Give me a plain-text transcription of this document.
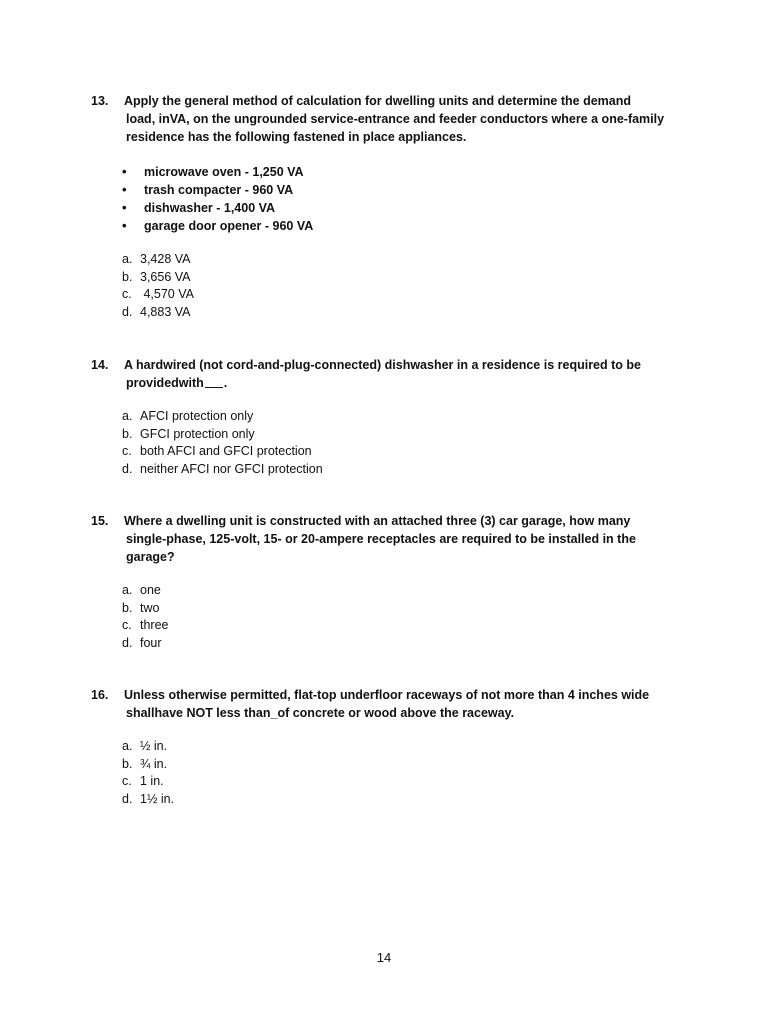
13.	Apply the general method of calculation for dwelling units and determine the demand
load, inVA, on the ungrounded service-entrance and feeder conductors where a one-family
residence has the following fastened in place appliances.
• microwave oven - 1,250 VA
• trash compacter - 960 VA
• dishwasher - 1,400 VA
• garage door opener - 960 VA
a. 3,428 VA
b. 3,656 VA
c. 4,570 VA
d. 4,883 VA
14.	A hardwired (not cord-and-plug-connected) dishwasher in a residence is required to be
providedwith .
a. AFCI protection only
b. GFCI protection only
c. both AFCI and GFCI protection
d. neither AFCI nor GFCI protection
15.	Where a dwelling unit is constructed with an attached three (3) car garage, how many
single-phase, 125-volt, 15- or 20-ampere receptacles are required to be installed in the
garage?
a. one
b. two
c. three
d. four
16.	Unless otherwise permitted, flat-top underfloor raceways of not more than 4 inches wide
shallhave NOT less than_of concrete or wood above the raceway.
a. ½ in.
b. ¾ in.
c. 1 in.
d. 1½ in.
14
